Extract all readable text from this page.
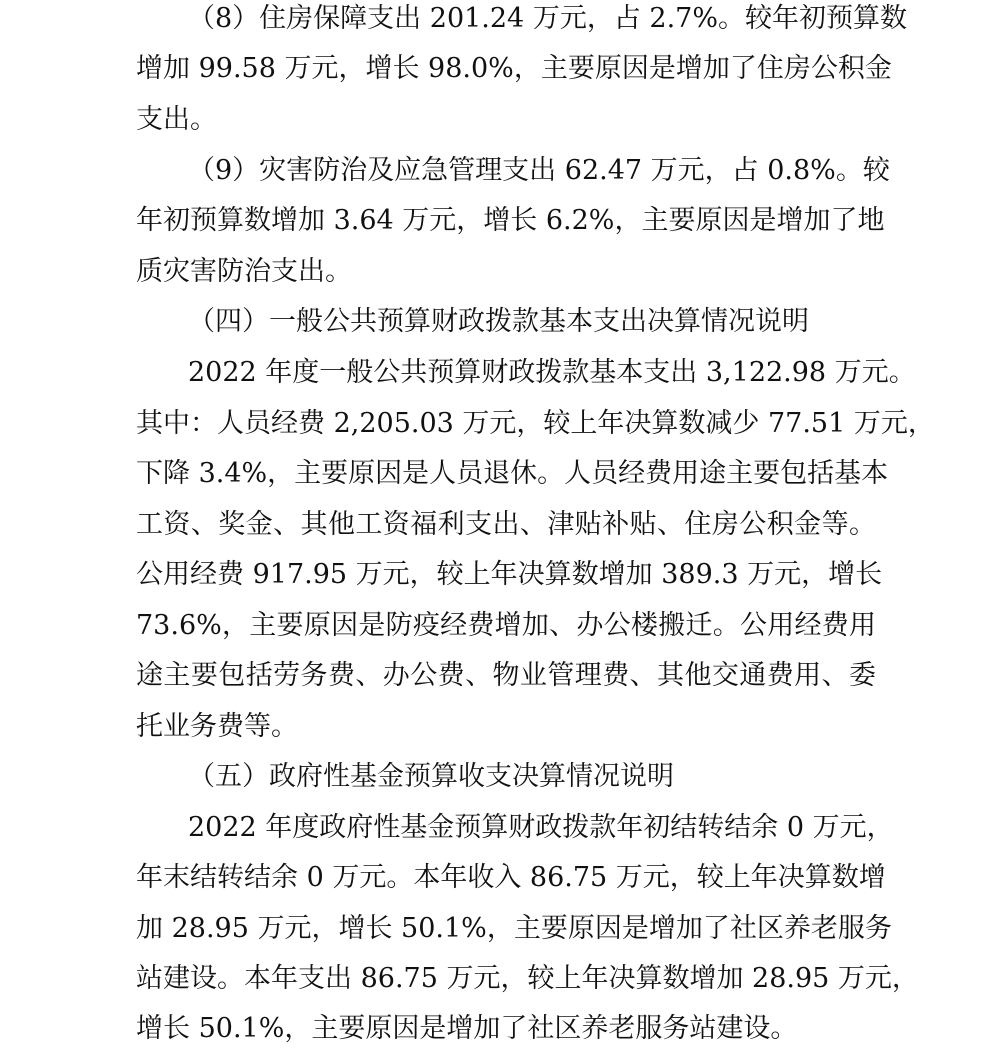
（8）住房保障支出 201.24 万元，占 2.7%。较年初预算数
增加 99.58 万元，增长 98.0%，主要原因是增加了住房公积金
支出。
（9）灾害防治及应急管理支出 62.47 万元，占 0.8%。较
年初预算数增加 3.64 万元，增长 6.2%，主要原因是增加了地
质灾害防治支出。
（四）一般公共预算财政拨款基本支出决算情况说明
2022 年度一般公共预算财政拨款基本支出 3,122.98 万元。
其中：人员经费 2,205.03 万元，较上年决算数减少 77.51 万元，
下降 3.4%，主要原因是人员退休。人员经费用途主要包括基本
工资、奖金、其他工资福利支出、津贴补贴、住房公积金等。
公用经费 917.95 万元，较上年决算数增加 389.3 万元，增长
73.6%，主要原因是防疫经费增加、办公楼搬迁。公用经费用
途主要包括劳务费、办公费、物业管理费、其他交通费用、委
托业务费等。
（五）政府性基金预算收支决算情况说明
2022 年度政府性基金预算财政拨款年初结转结余 0 万元，
年末结转结余 0 万元。本年收入 86.75 万元，较上年决算数增
加 28.95 万元，增长 50.1%，主要原因是增加了社区养老服务
站建设。本年支出 86.75 万元，较上年决算数增加 28.95 万元，
增长 50.1%，主要原因是增加了社区养老服务站建设。
